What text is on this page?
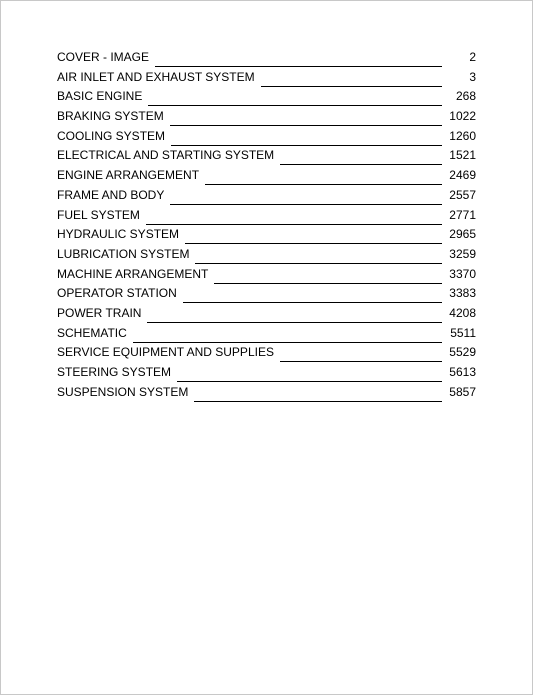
COVER - IMAGE	2
AIR INLET AND EXHAUST SYSTEM	3
BASIC ENGINE	268
BRAKING SYSTEM	1022
COOLING SYSTEM	1260
ELECTRICAL AND STARTING SYSTEM	1521
ENGINE ARRANGEMENT	2469
FRAME AND BODY	2557
FUEL SYSTEM	2771
HYDRAULIC SYSTEM	2965
LUBRICATION SYSTEM	3259
MACHINE ARRANGEMENT	3370
OPERATOR STATION	3383
POWER TRAIN	4208
SCHEMATIC	5511
SERVICE EQUIPMENT AND SUPPLIES	5529
STEERING SYSTEM	5613
SUSPENSION SYSTEM	5857
